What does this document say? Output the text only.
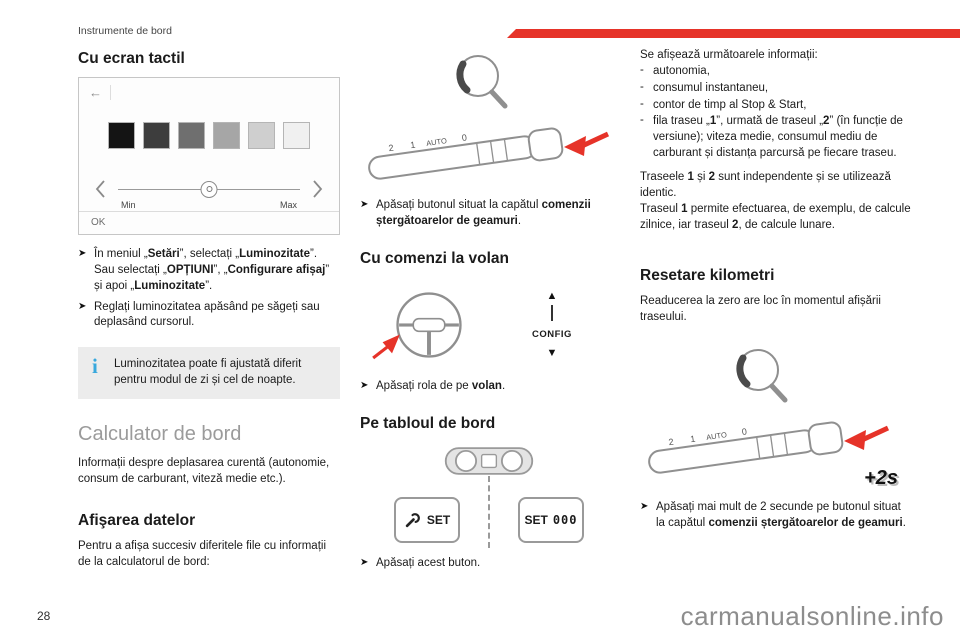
Instrumente de bord
Cu ecran tactil
←
Min	Max
OK
➤ În meniul „Setări”, selectați „Luminozitate”. Sau selectați „OPȚIUNI”, „Configurare afișaj” și apoi „Luminozitate”.

➤ Reglați luminozitatea apăsând pe săgeți sau deplasând cursorul.

i Luminozitatea poate fi ajustată diferit pentru modul de zi și cel de noapte.

Calculator de bord

Informații despre deplasarea curentă (autonomie, consum de carburant, viteză medie etc.).

Afişarea datelor

Pentru a afișa succesiv diferitele file cu informații de la calculatorul de bord:

2 1 AUTO 0
➤ Apăsați butonul situat la capătul comenzii ștergătoarelor de geamuri.

Cu comenzi la volan
▲
CONFIG
▼
➤ Apăsați rola de pe volan.

Pe tabloul de bord
SET	SET 000
➤ Apăsați acest buton.

Se afișează următoarele informații:

- autonomia,

- consumul instantaneu,

- contor de timp al Stop & Start,

- fila traseu „1”, urmată de traseul „2” (în funcție de versiune); viteza medie, consumul mediu de carburant și distanța parcursă pe fiecare traseu.

Traseele 1 și 2 sunt independente și se utilizează identic.

Traseul 1 permite efectuarea, de exemplu, de calcule zilnice, iar traseul 2, de calcule lunare.

Resetare kilometri

Readucerea la zero are loc în momentul afișării traseului.

2 1 AUTO 0
+2s
➤ Apăsați mai mult de 2 secunde pe butonul situat la capătul comenzii ștergătoarelor de geamuri.

28	carmanualsonline.info
